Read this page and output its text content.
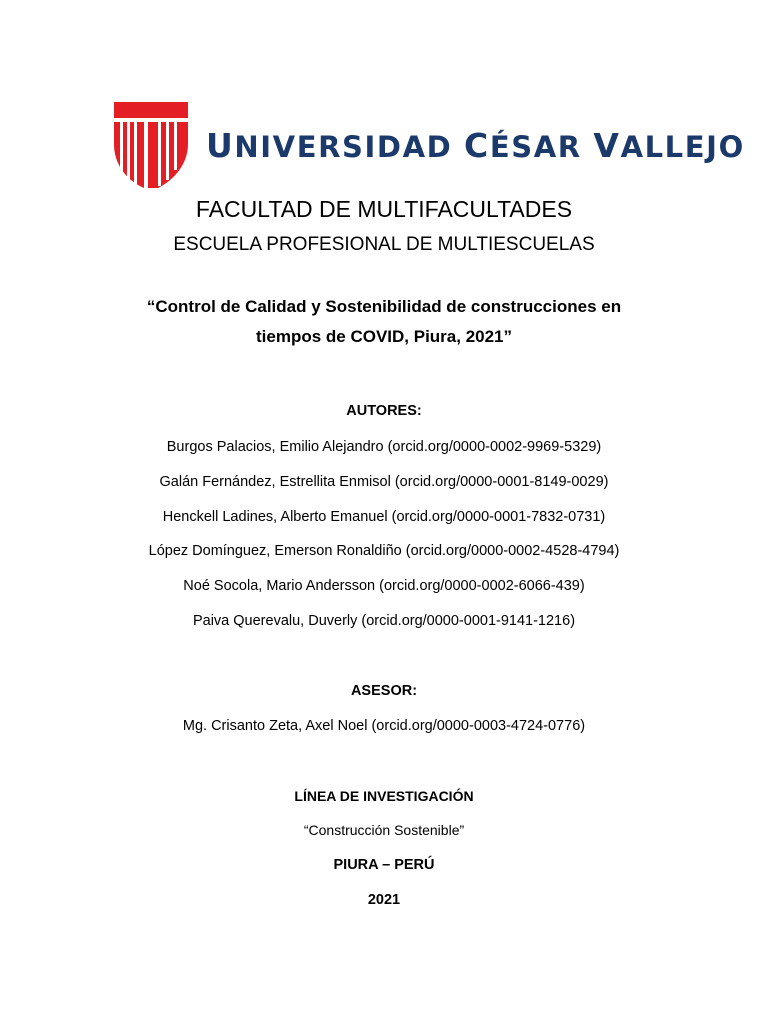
UNIVERSIDAD CÉSAR VALLEJO
FACULTAD DE MULTIFACULTADES
ESCUELA PROFESIONAL DE MULTIESCUELAS
“Control de Calidad y Sostenibilidad de construcciones en
tiempos de COVID, Piura, 2021”
AUTORES:
Burgos Palacios, Emilio Alejandro (orcid.org/0000-0002-9969-5329)
Galán Fernández, Estrellita Enmisol (orcid.org/0000-0001-8149-0029)
Henckell Ladines, Alberto Emanuel (orcid.org/0000-0001-7832-0731)
López Domínguez, Emerson Ronaldiño (orcid.org/0000-0002-4528-4794)
Noé Socola, Mario Andersson (orcid.org/0000-0002-6066-439)
Paiva Querevalu, Duverly (orcid.org/0000-0001-9141-1216)
ASESOR:
Mg. Crisanto Zeta, Axel Noel (orcid.org/0000-0003-4724-0776)
LÍNEA DE INVESTIGACIÓN
“Construcción Sostenible”
PIURA – PERÚ
2021
